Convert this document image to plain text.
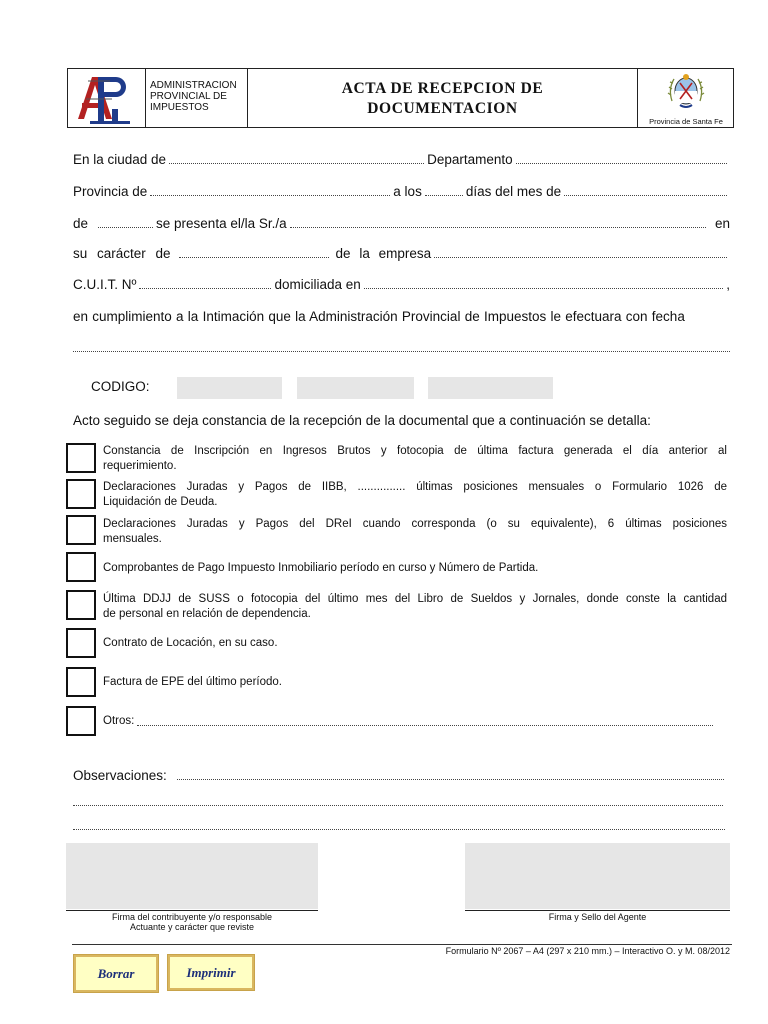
ADMINISTRACION
PROVINCIAL DE
IMPUESTOS
ACTA DE RECEPCION DE
DOCUMENTACION
Provincia de Santa Fe
En la ciudad de	Departamento
Provincia de	a los	días del mes de
de	se presenta el/la Sr./a	en
su carácter de	de la empresa
C.U.I.T. Nº	domiciliada en	,
en cumplimiento a la Intimación que la Administración Provincial de Impuestos le efectuara con fecha
CODIGO:
Acto seguido se deja constancia de la recepción de la documental que a continuación se detalla:
Constancia de Inscripción en Ingresos Brutos y fotocopia de última factura generada el día anterior al
requerimiento.
Declaraciones Juradas y Pagos de IIBB, ............... últimas posiciones mensuales o Formulario 1026 de
Liquidación de Deuda.
Declaraciones Juradas y Pagos del DReI cuando corresponda (o su equivalente), 6 últimas posiciones
mensuales.
Comprobantes de Pago Impuesto Inmobiliario período en curso y Número de Partida.
Última DDJJ de SUSS o fotocopia del último mes del Libro de Sueldos y Jornales, donde conste la cantidad
de personal en relación de dependencia.
Contrato de Locación, en su caso.
Factura de EPE del último período.
Otros:
Observaciones:
Firma del contribuyente y/o responsable
Actuante y carácter que reviste
Firma y Sello del Agente
Formulario Nº 2067 – A4 (297 x 210 mm.) – Interactivo O. y M. 08/2012
Borrar	Imprimir
